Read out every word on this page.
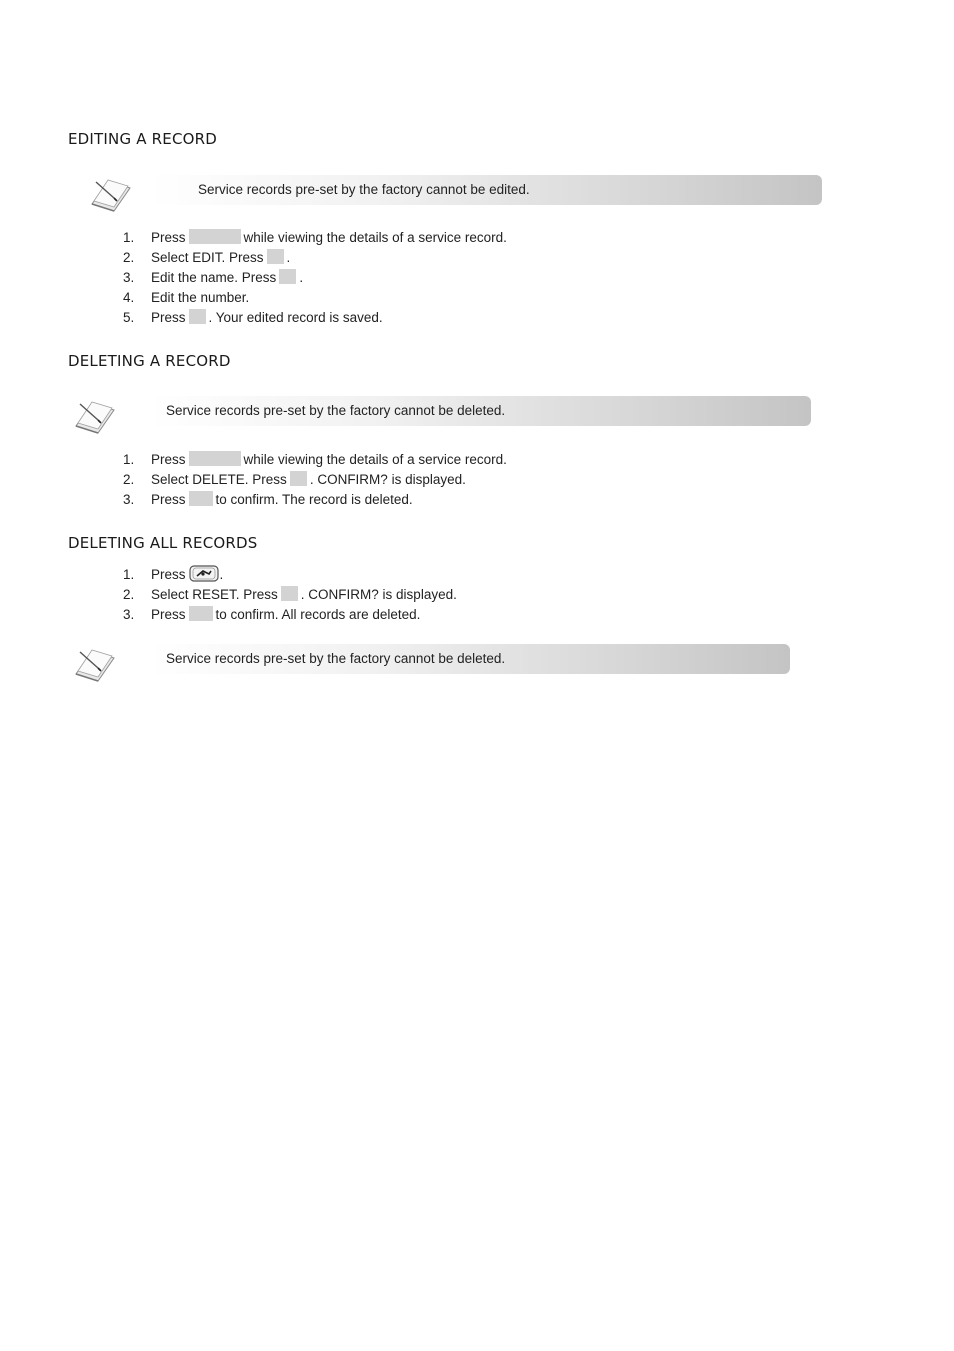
EDITING A RECORD
Service records pre-set by the factory cannot be edited.
1. Press	while viewing the details of a service record.
2. Select EDIT. Press .
3. Edit the name. Press .
4. Edit the number.
5. Press . Your edited record is saved.
DELETING A RECORD
Service records pre-set by the factory cannot be deleted.
1. Press	while viewing the details of a service record.
2. Select DELETE. Press . CONFIRM? is displayed.
3. Press to confirm. The record is deleted.
DELETING ALL RECORDS
1. Press	.
2. Select RESET. Press . CONFIRM? is displayed.
3. Press to confirm. All records are deleted.
Service records pre-set by the factory cannot be deleted.
